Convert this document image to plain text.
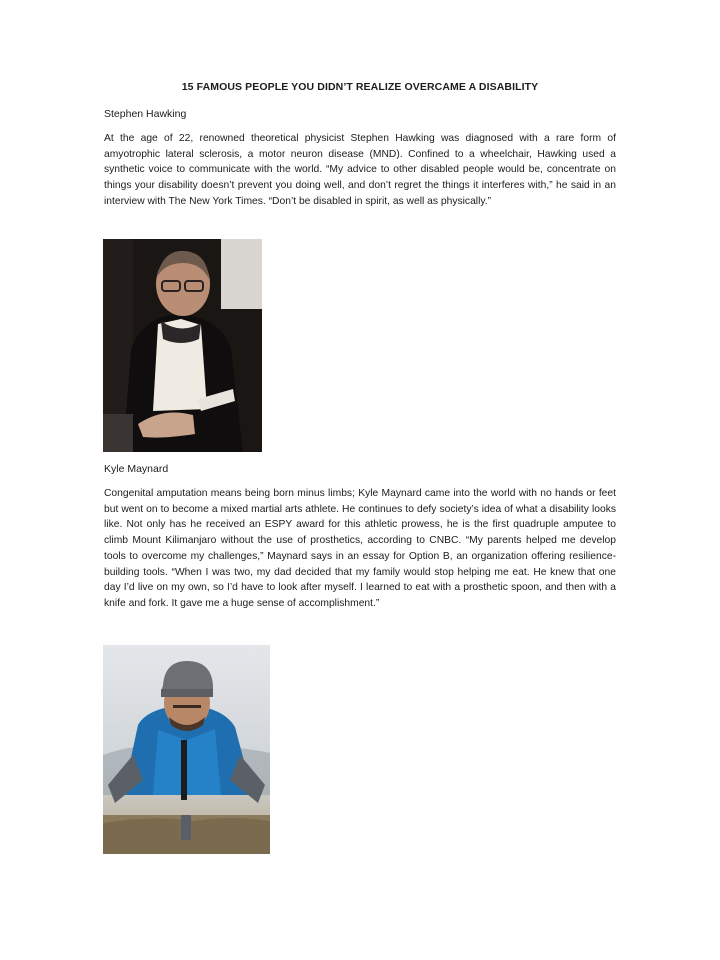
15 FAMOUS PEOPLE YOU DIDN’T REALIZE OVERCAME A DISABILITY
Stephen Hawking

At the age of 22, renowned theoretical physicist Stephen Hawking was diagnosed with a rare form of amyotrophic lateral sclerosis, a motor neuron disease (MND). Confined to a wheelchair, Hawking used a synthetic voice to communicate with the world. “My advice to other disabled people would be, concentrate on things your disability doesn’t prevent you doing well, and don’t regret the things it interferes with,” he said in an interview with The New York Times. “Don’t be disabled in spirit, as well as physically.”

Kyle Maynard

Congenital amputation means being born minus limbs; Kyle Maynard came into the world with no hands or feet but went on to become a mixed martial arts athlete. He continues to defy society’s idea of what a disability looks like. Not only has he received an ESPY award for this athletic prowess, he is the first quadruple amputee to climb Mount Kilimanjaro without the use of prosthetics, according to CNBC. “My parents helped me develop tools to overcome my challenges,” Maynard says in an essay for Option B, an organization offering resilience-building tools. “When I was two, my dad decided that my family would stop helping me eat. He knew that one day I’d live on my own, so I’d have to look after myself. I learned to eat with a prosthetic spoon, and then with a knife and fork. It gave me a huge sense of accomplishment.”
